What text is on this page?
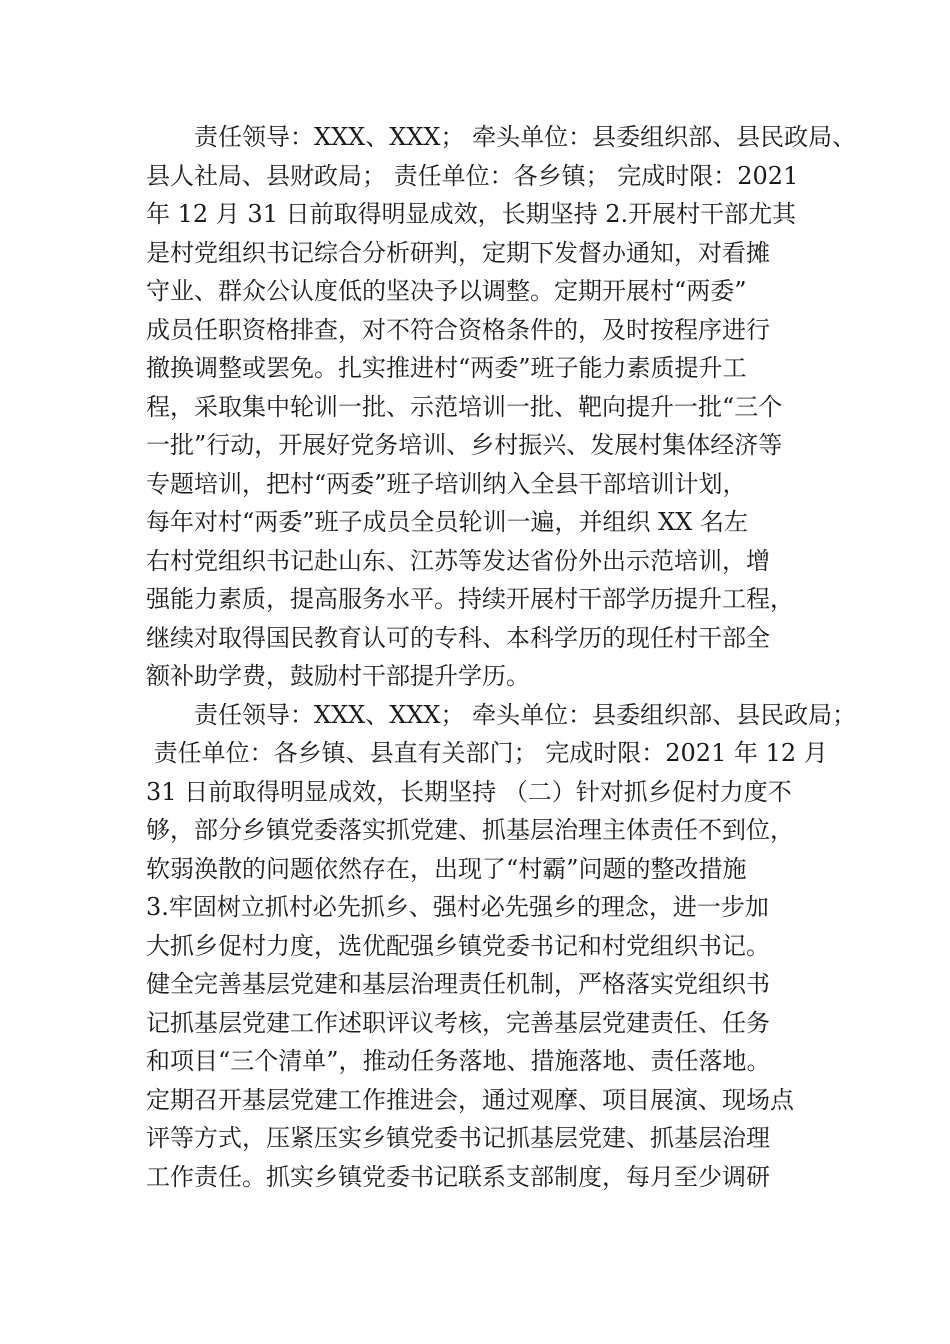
　　责任领导：XXX、XXX； 牵头单位：县委组织部、县民政局、
县人社局、县财政局； 责任单位：各乡镇； 完成时限：2021
年 12 月 31 日前取得明显成效，长期坚持 2.开展村干部尤其
是村党组织书记综合分析研判，定期下发督办通知，对看摊
守业、群众公认度低的坚决予以调整。定期开展村“两委”
成员任职资格排查，对不符合资格条件的，及时按程序进行
撤换调整或罢免。扎实推进村“两委”班子能力素质提升工
程，采取集中轮训一批、示范培训一批、靶向提升一批“三个
一批”行动，开展好党务培训、乡村振兴、发展村集体经济等
专题培训，把村“两委”班子培训纳入全县干部培训计划，
每年对村“两委”班子成员全员轮训一遍，并组织 XX 名左
右村党组织书记赴山东、江苏等发达省份外出示范培训，增
强能力素质，提高服务水平。持续开展村干部学历提升工程，
继续对取得国民教育认可的专科、本科学历的现任村干部全
额补助学费，鼓励村干部提升学历。
　　责任领导：XXX、XXX； 牵头单位：县委组织部、县民政局；
责任单位：各乡镇、县直有关部门； 完成时限：2021 年 12 月
31 日前取得明显成效，长期坚持 （二）针对抓乡促村力度不
够，部分乡镇党委落实抓党建、抓基层治理主体责任不到位，
软弱涣散的问题依然存在，出现了“村霸”问题的整改措施
3.牢固树立抓村必先抓乡、强村必先强乡的理念，进一步加
大抓乡促村力度，选优配强乡镇党委书记和村党组织书记。
健全完善基层党建和基层治理责任机制，严格落实党组织书
记抓基层党建工作述职评议考核，完善基层党建责任、任务
和项目“三个清单”，推动任务落地、措施落地、责任落地。
定期召开基层党建工作推进会，通过观摩、项目展演、现场点
评等方式，压紧压实乡镇党委书记抓基层党建、抓基层治理
工作责任。抓实乡镇党委书记联系支部制度，每月至少调研
